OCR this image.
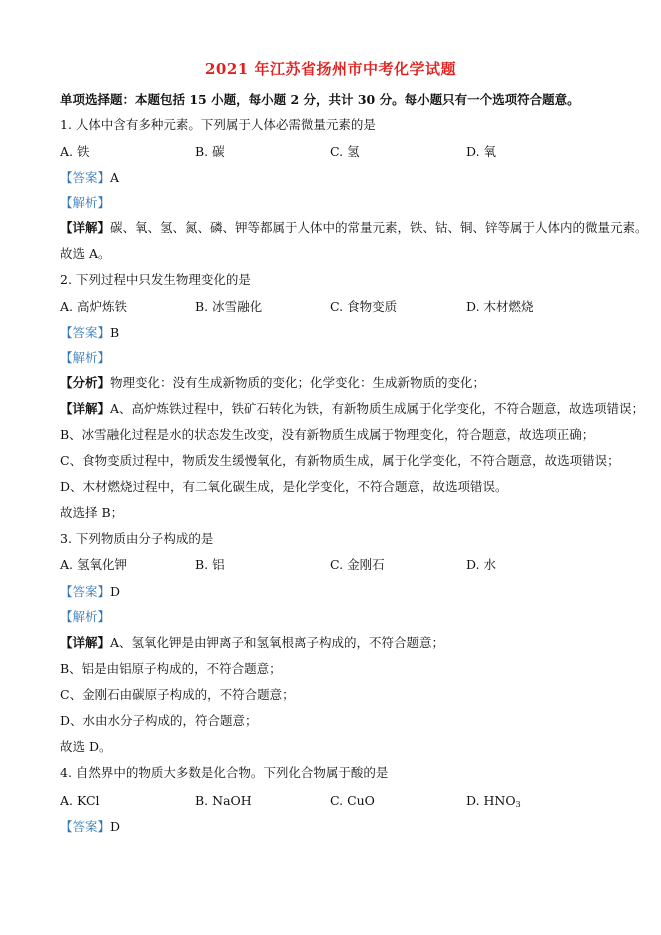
2021 年江苏省扬州市中考化学试题
单项选择题：本题包括 15 小题，每小题 2 分，共计 30 分。每小题只有一个选项符合题意。
1. 人体中含有多种元素。下列属于人体必需微量元素的是
A. 铁	B. 碳	C. 氢	D. 氧
【答案】A
【解析】
【详解】碳、氧、氢、氮、磷、钾等都属于人体中的常量元素，铁、钴、铜、锌等属于人体内的微量元素。
故选 A。
2. 下列过程中只发生物理变化的是
A. 高炉炼铁	B. 冰雪融化	C. 食物变质	D. 木材燃烧
【答案】B
【解析】
【分析】物理变化：没有生成新物质的变化；化学变化：生成新物质的变化；
【详解】A、高炉炼铁过程中，铁矿石转化为铁，有新物质生成属于化学变化，不符合题意，故选项错误；
B、冰雪融化过程是水的状态发生改变，没有新物质生成属于物理变化，符合题意，故选项正确；
C、食物变质过程中，物质发生缓慢氧化，有新物质生成，属于化学变化，不符合题意，故选项错误；
D、木材燃烧过程中，有二氧化碳生成，是化学变化，不符合题意，故选项错误。
故选择 B；
3. 下列物质由分子构成的是
A. 氢氧化钾	B. 铝	C. 金刚石	D. 水
【答案】D
【解析】
【详解】A、氢氧化钾是由钾离子和氢氧根离子构成的，不符合题意；
B、铝是由铝原子构成的，不符合题意；
C、金刚石由碳原子构成的，不符合题意；
D、水由水分子构成的，符合题意；
故选 D。
4. 自然界中的物质大多数是化合物。下列化合物属于酸的是
A. KCl	B. NaOH	C. CuO	D. $HNO_3$
【答案】D
